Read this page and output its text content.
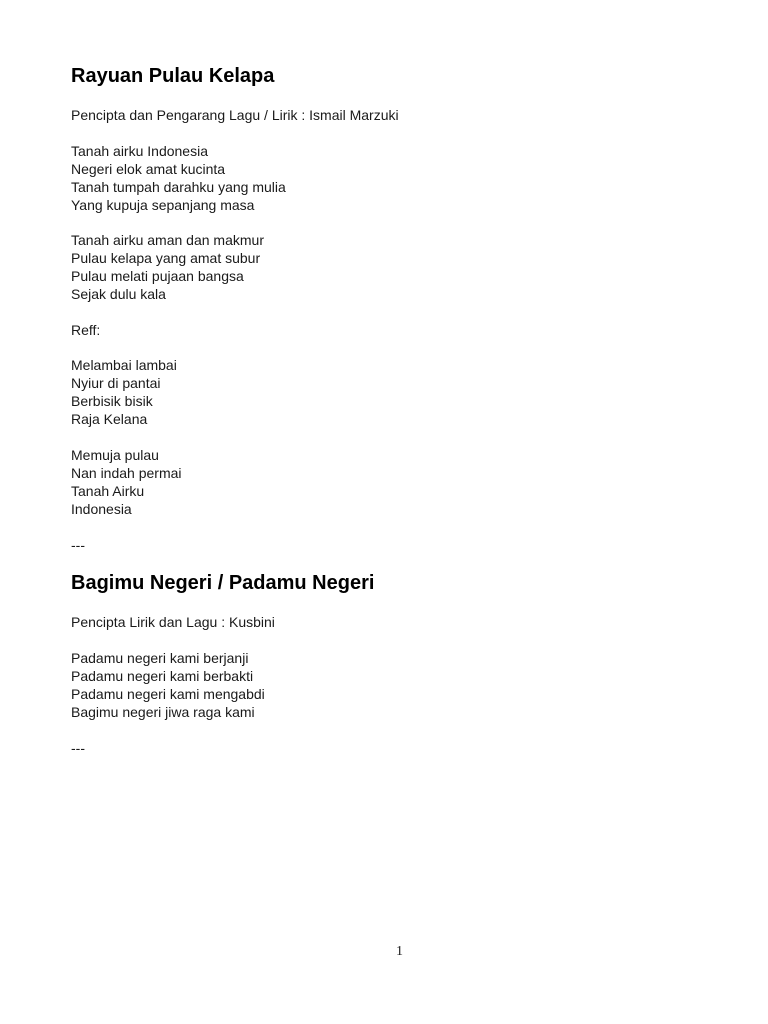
Rayuan Pulau Kelapa
Pencipta dan Pengarang Lagu / Lirik : Ismail Marzuki
Tanah airku Indonesia
Negeri elok amat kucinta
Tanah tumpah darahku yang mulia
Yang kupuja sepanjang masa
Tanah airku aman dan makmur
Pulau kelapa yang amat subur
Pulau melati pujaan bangsa
Sejak dulu kala
Reff:
Melambai lambai
Nyiur di pantai
Berbisik bisik
Raja Kelana
Memuja pulau
Nan indah permai
Tanah Airku
Indonesia
---
Bagimu Negeri / Padamu Negeri
Pencipta Lirik dan Lagu : Kusbini
Padamu negeri kami berjanji
Padamu negeri kami berbakti
Padamu negeri kami mengabdi
Bagimu negeri jiwa raga kami
---
1
